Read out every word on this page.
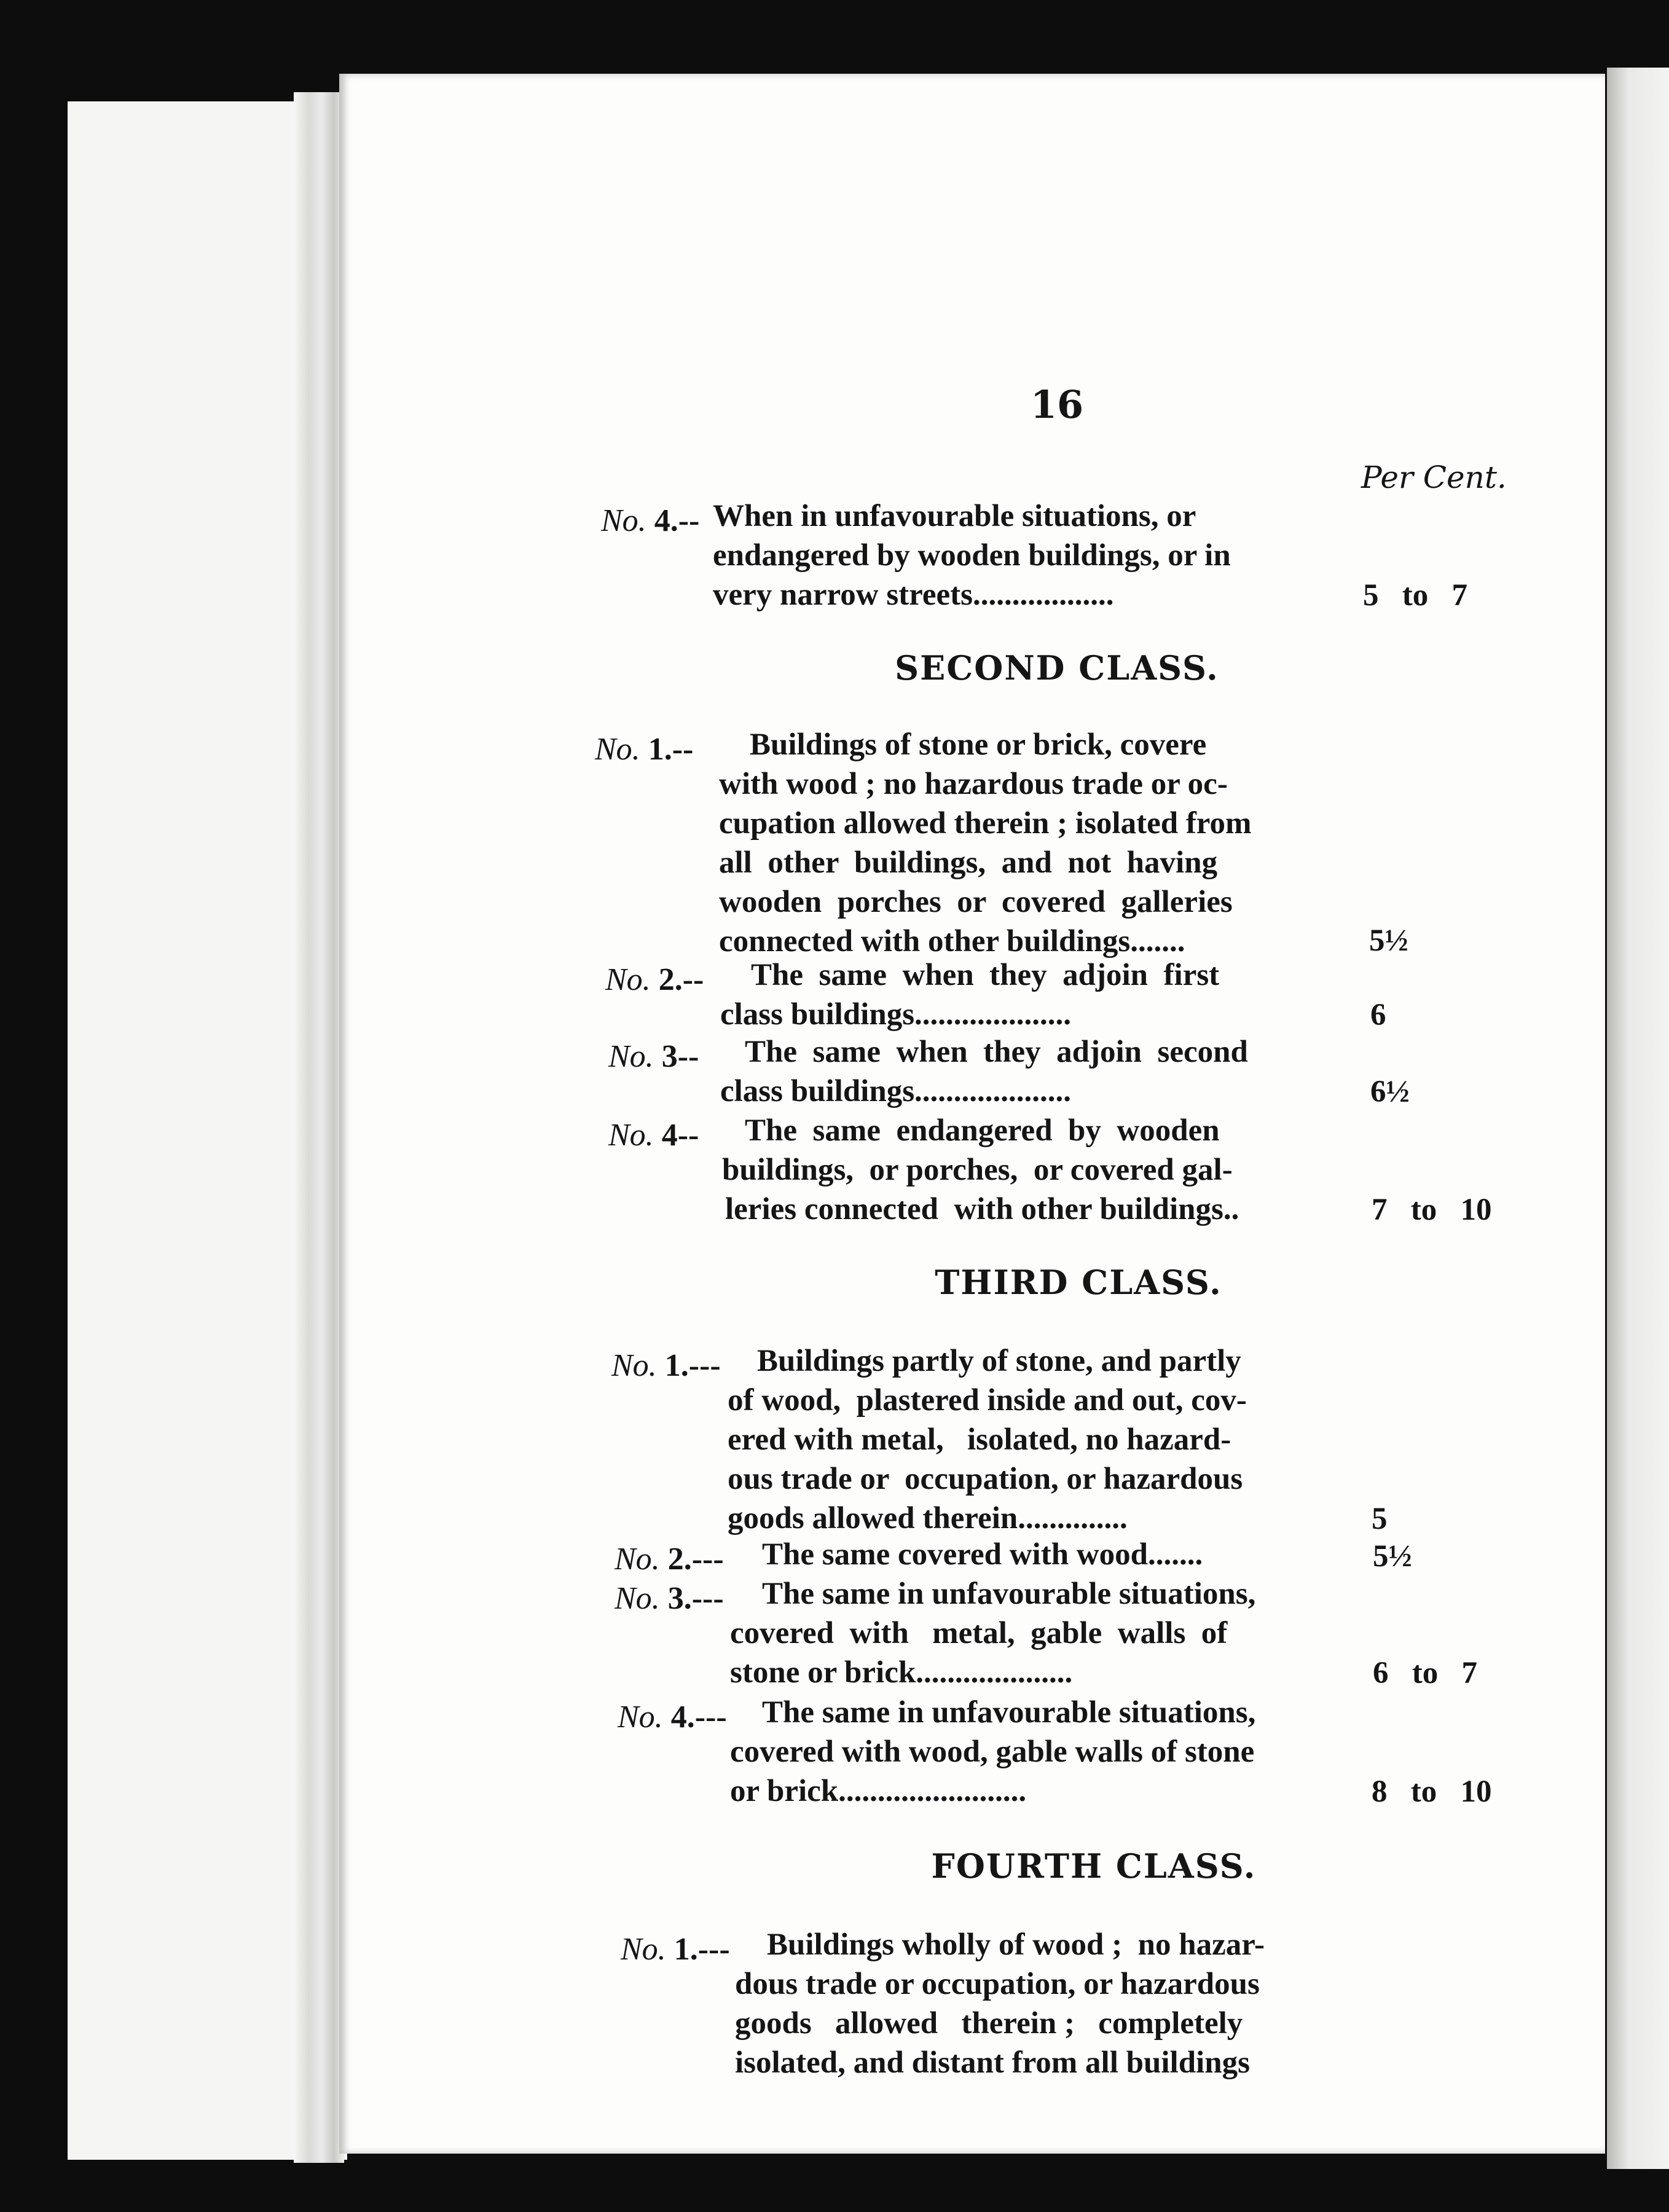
16
Per Cent.
No. 4.-- When in unfavourable situations, or
endangered by wooden buildings, or in
very narrow streets..................	5   to   7
SECOND CLASS.
No. 1.-- Buildings of stone or brick, covere
with wood ; no hazardous trade or oc-
cupation allowed therein ; isolated from
all  other  buildings,  and  not  having
wooden  porches  or  covered  galleries
connected with other buildings.......	5½
No. 2.-- The  same  when  they  adjoin  first
class buildings....................	6
No. 3-- The  same  when  they  adjoin  second
class buildings....................	6½
No. 4-- The  same  endangered  by  wooden
buildings,  or porches,  or covered gal-
leries connected  with other buildings..	7   to   10
THIRD CLASS.
No. 1.--- Buildings partly of stone, and partly
of wood,  plastered inside and out, cov-
ered with metal,   isolated, no hazard-
ous trade or  occupation, or hazardous
goods allowed therein..............	5
No. 2.--- The same covered with wood.......	5½
No. 3.--- The same in unfavourable situations,
covered  with   metal,  gable  walls  of
stone or brick....................	6   to   7
No. 4.--- The same in unfavourable situations,
covered with wood, gable walls of stone
or brick........................	8   to   10
FOURTH CLASS.
No. 1.--- Buildings wholly of wood ;  no hazar-
dous trade or occupation, or hazardous
goods   allowed   therein ;   completely
isolated, and distant from all buildings
